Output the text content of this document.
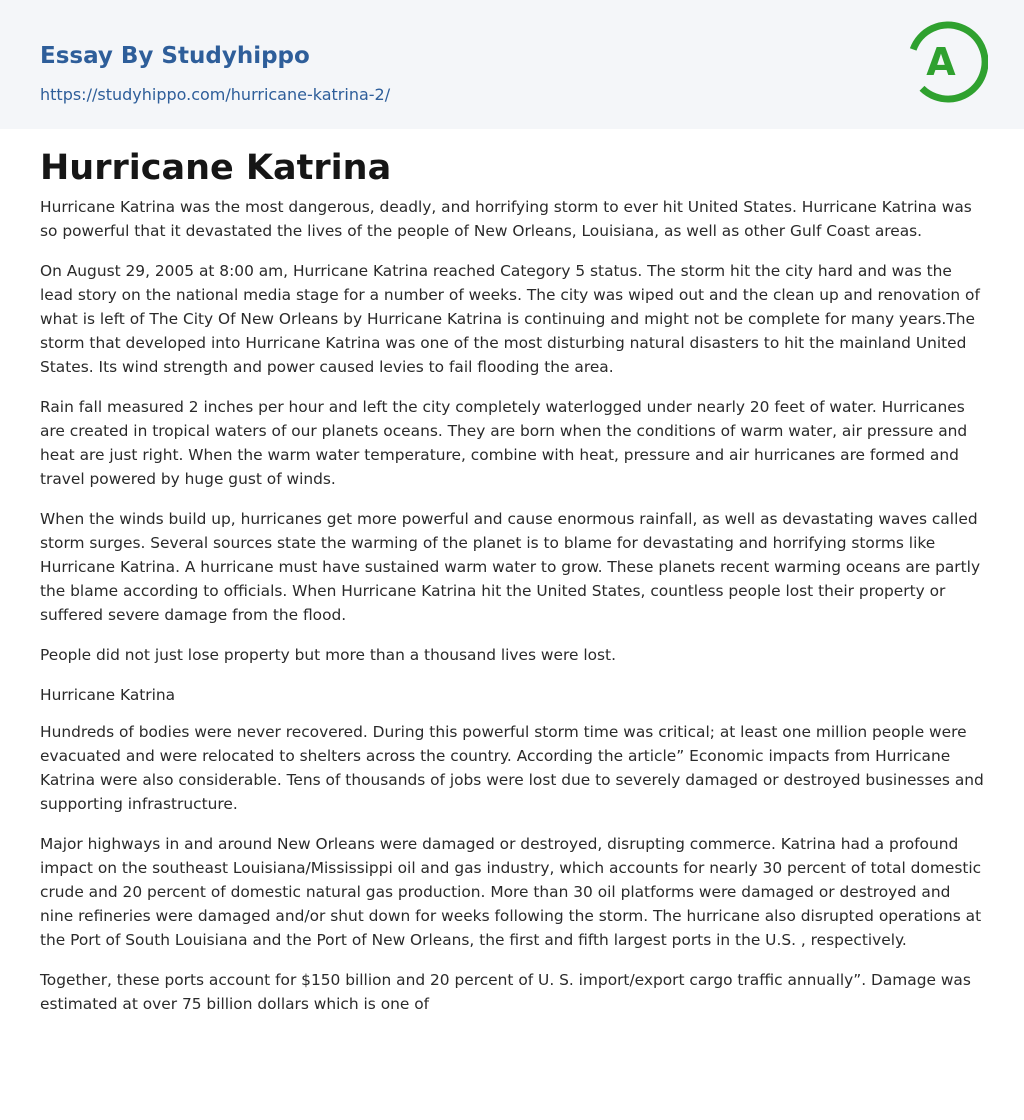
Essay By Studyhippo
https://studyhippo.com/hurricane-katrina-2/
A
Hurricane Katrina

Hurricane Katrina was the most dangerous, deadly, and horrifying storm to ever hit United States. Hurricane Katrina was so powerful that it devastated the lives of the people of New Orleans, Louisiana, as well as other Gulf Coast areas.

On August 29, 2005 at 8:00 am, Hurricane Katrina reached Category 5 status. The storm hit the city hard and was the lead story on the national media stage for a number of weeks. The city was wiped out and the clean up and renovation of what is left of The City Of New Orleans by Hurricane Katrina is continuing and might not be complete for many years.The storm that developed into Hurricane Katrina was one of the most disturbing natural disasters to hit the mainland United States. Its wind strength and power caused levies to fail flooding the area.

Rain fall measured 2 inches per hour and left the city completely waterlogged under nearly 20 feet of water. Hurricanes are created in tropical waters of our planets oceans. They are born when the conditions of warm water, air pressure and heat are just right. When the warm water temperature, combine with heat, pressure and air hurricanes are formed and travel powered by huge gust of winds.

When the winds build up, hurricanes get more powerful and cause enormous rainfall, as well as devastating waves called storm surges. Several sources state the warming of the planet is to blame for devastating and horrifying storms like Hurricane Katrina. A hurricane must have sustained warm water to grow. These planets recent warming oceans are partly the blame according to officials. When Hurricane Katrina hit the United States, countless people lost their property or suffered severe damage from the flood.

People did not just lose property but more than a thousand lives were lost.

Hurricane Katrina

Hundreds of bodies were never recovered. During this powerful storm time was critical; at least one million people were evacuated and were relocated to shelters across the country. According the article” Economic impacts from Hurricane Katrina were also considerable. Tens of thousands of jobs were lost due to severely damaged or destroyed businesses and supporting infrastructure.

Major highways in and around New Orleans were damaged or destroyed, disrupting commerce. Katrina had a profound impact on the southeast Louisiana/Mississippi oil and gas industry, which accounts for nearly 30 percent of total domestic crude and 20 percent of domestic natural gas production. More than 30 oil platforms were damaged or destroyed and nine refineries were damaged and/or shut down for weeks following the storm. The hurricane also disrupted operations at the Port of South Louisiana and the Port of New Orleans, the first and fifth largest ports in the U.S. , respectively.

Together, these ports account for $150 billion and 20 percent of U. S. import/export cargo traffic annually”. Damage was estimated at over 75 billion dollars which is one of
